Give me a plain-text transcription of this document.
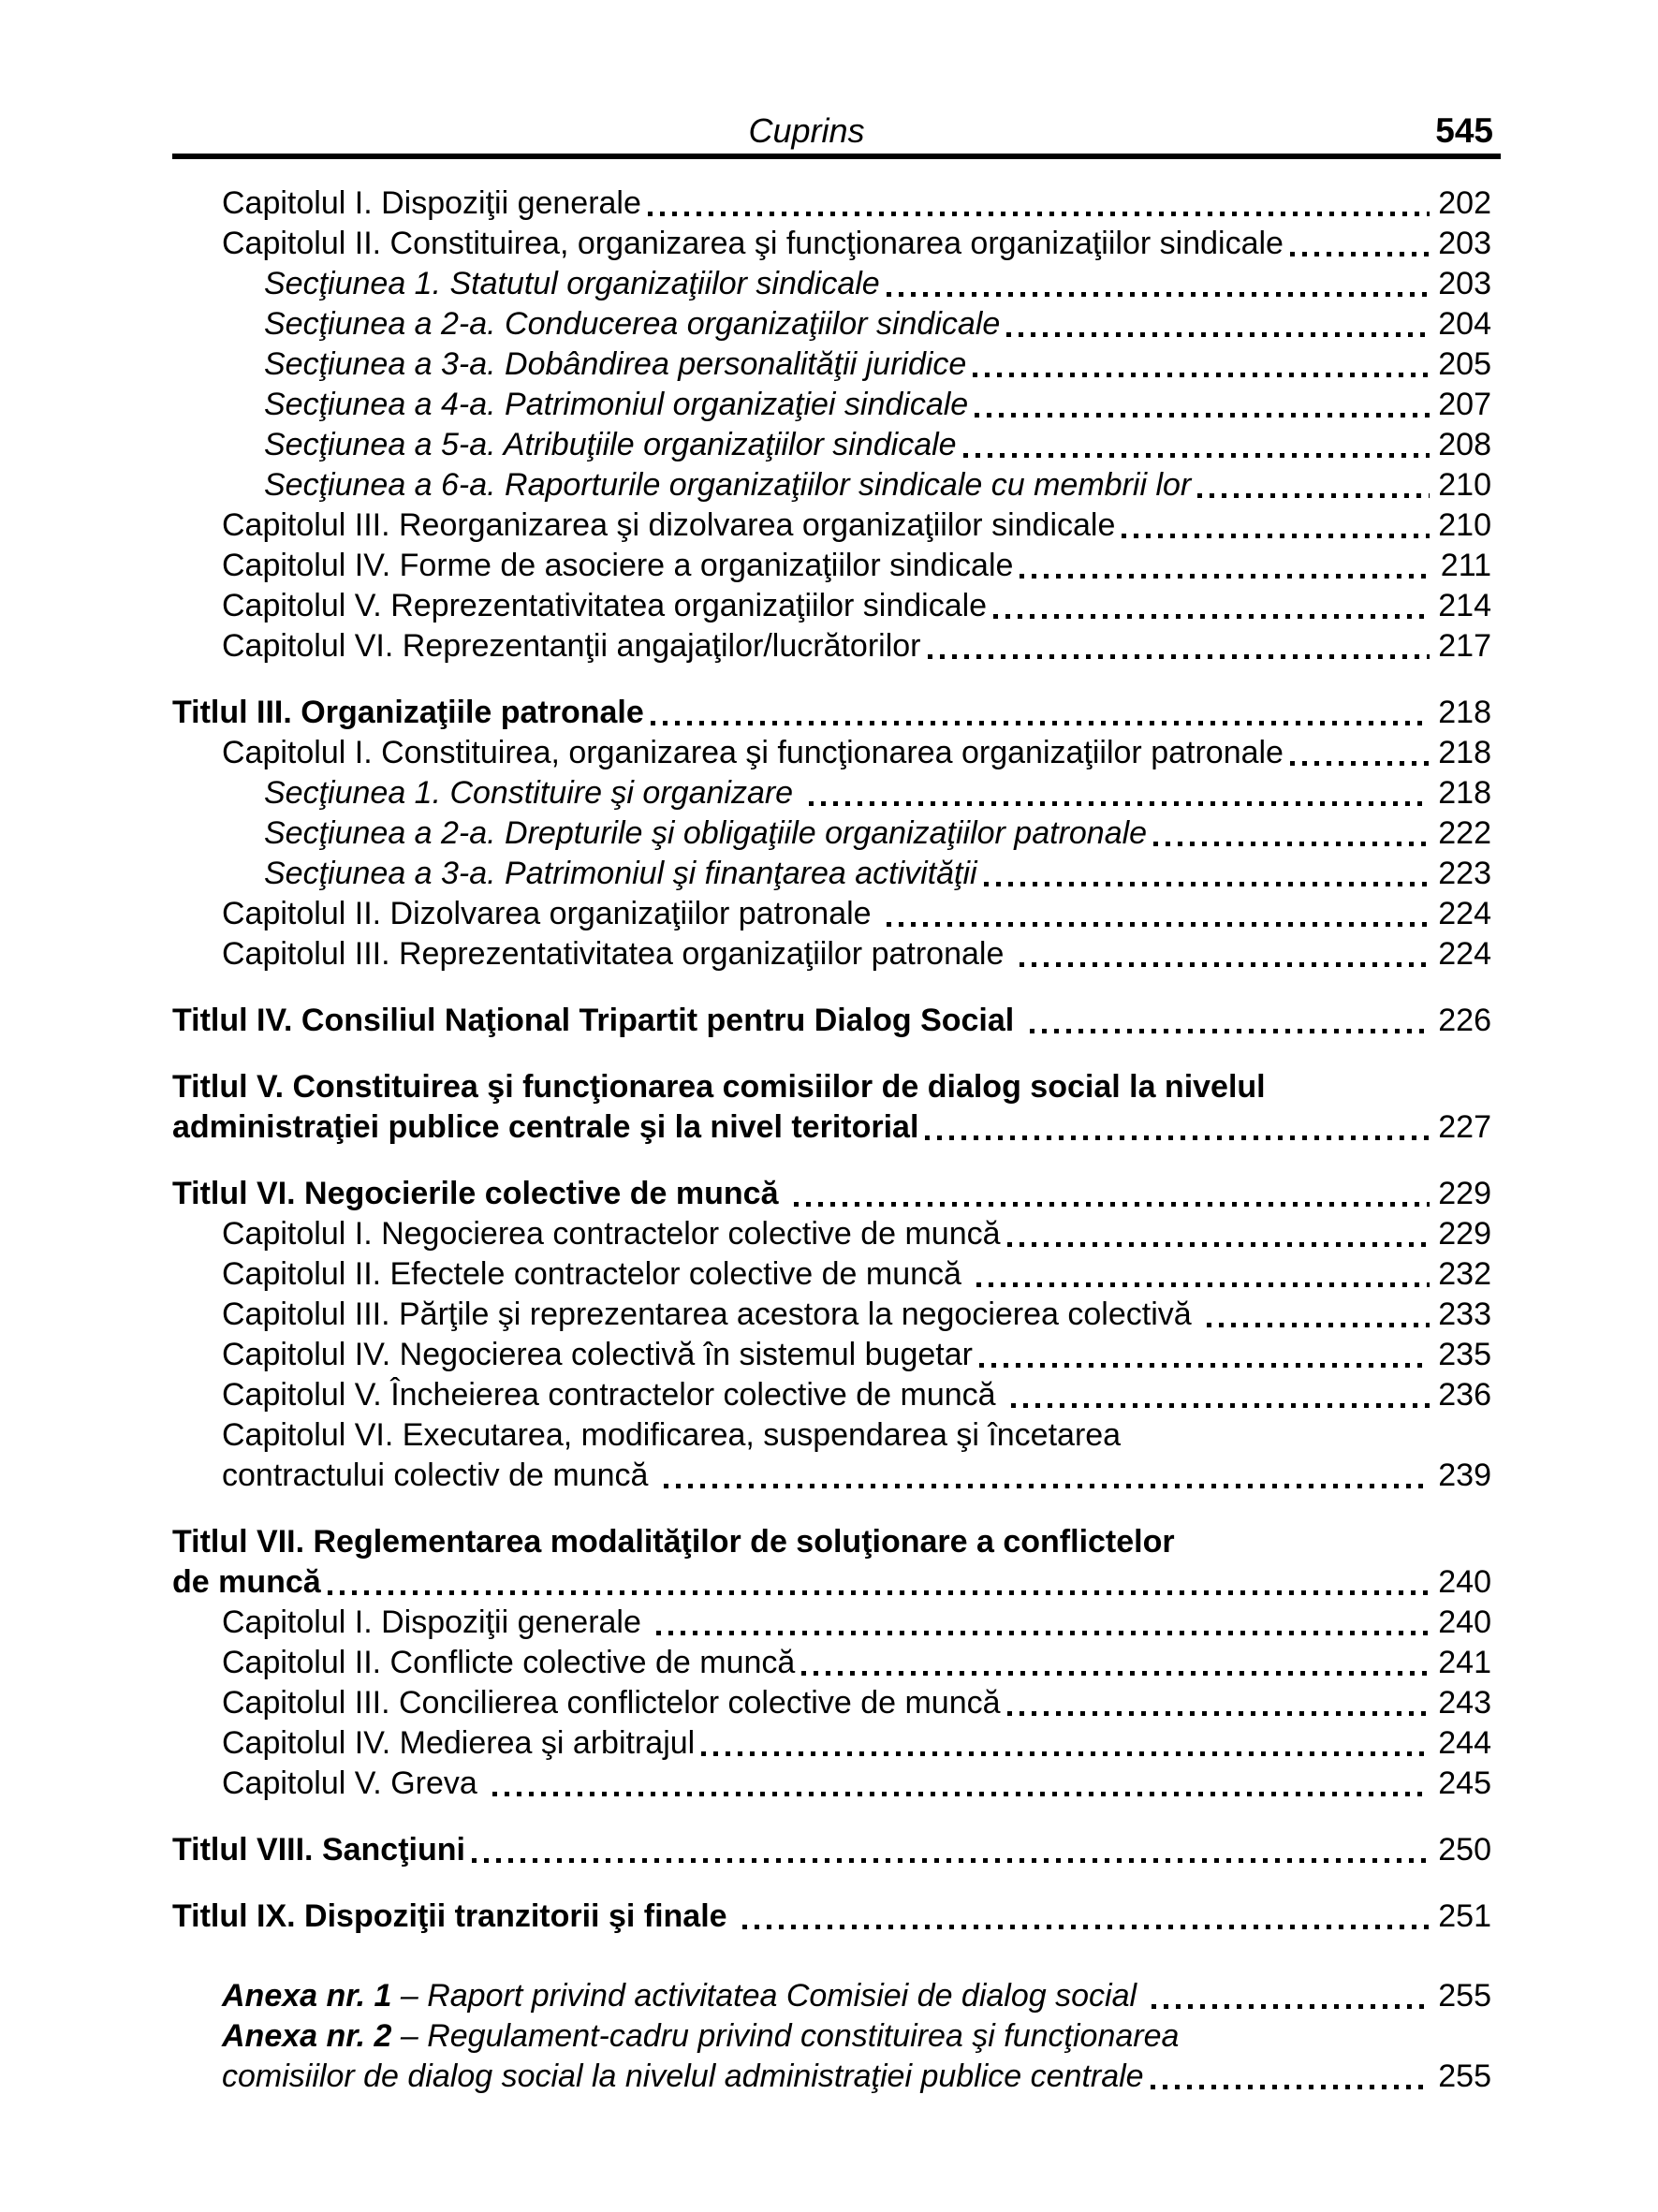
Cuprins	545
Capitolul I. Dispoziţii generale	202
Capitolul II. Constituirea, organizarea şi funcţionarea organizaţiilor sindicale	203
Secţiunea 1. Statutul organizaţiilor sindicale	203
Secţiunea a 2-a. Conducerea organizaţiilor sindicale	204
Secţiunea a 3-a. Dobândirea personalităţii juridice	205
Secţiunea a 4-a. Patrimoniul organizaţiei sindicale	207
Secţiunea a 5-a. Atribuţiile organizaţiilor sindicale	208
Secţiunea a 6-a. Raporturile organizaţiilor sindicale cu membrii lor	210
Capitolul III. Reorganizarea şi dizolvarea organizaţiilor sindicale	210
Capitolul IV. Forme de asociere a organizaţiilor sindicale	211
Capitolul V. Reprezentativitatea organizaţiilor sindicale	214
Capitolul VI. Reprezentanţii angajaţilor/lucrătorilor	217
Titlul III. Organizaţiile patronale	218
Capitolul I. Constituirea, organizarea şi funcţionarea organizaţiilor patronale	218
Secţiunea 1. Constituire şi organizare	218
Secţiunea a 2-a. Drepturile şi obligaţiile organizaţiilor patronale	222
Secţiunea a 3-a. Patrimoniul şi finanţarea activităţii	223
Capitolul II. Dizolvarea organizaţiilor patronale	224
Capitolul III. Reprezentativitatea organizaţiilor patronale	224
Titlul IV. Consiliul Naţional Tripartit pentru Dialog Social	226
Titlul V. Constituirea şi funcţionarea comisiilor de dialog social la nivelul
administraţiei publice centrale şi la nivel teritorial	227
Titlul VI. Negocierile colective de muncă	229
Capitolul I. Negocierea contractelor colective de muncă	229
Capitolul II. Efectele contractelor colective de muncă	232
Capitolul III. Părţile şi reprezentarea acestora la negocierea colectivă	233
Capitolul IV. Negocierea colectivă în sistemul bugetar	235
Capitolul V. Încheierea contractelor colective de muncă	236
Capitolul VI. Executarea, modificarea, suspendarea şi încetarea
contractului colectiv de muncă	239
Titlul VII. Reglementarea modalităţilor de soluţionare a conflictelor
de muncă	240
Capitolul I. Dispoziţii generale	240
Capitolul II. Conflicte colective de muncă	241
Capitolul III. Concilierea conflictelor colective de muncă	243
Capitolul IV. Medierea şi arbitrajul	244
Capitolul V. Greva	245
Titlul VIII. Sancţiuni	250
Titlul IX. Dispoziţii tranzitorii şi finale	251
Anexa nr. 1 – Raport privind activitatea Comisiei de dialog social	255
Anexa nr. 2 – Regulament-cadru privind constituirea şi funcţionarea
comisiilor de dialog social la nivelul administraţiei publice centrale	255
